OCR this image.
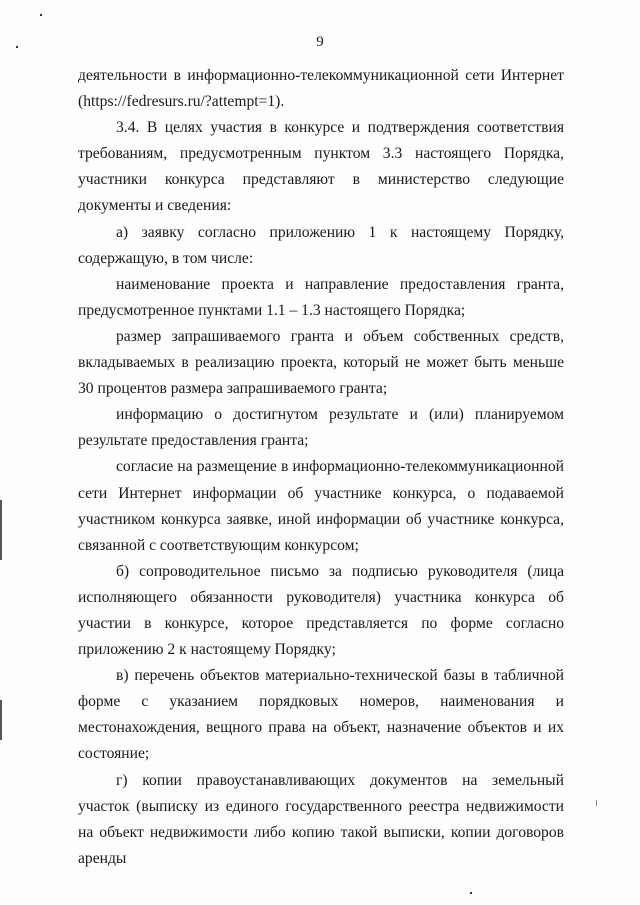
9

деятельности в информационно-телекоммуникационной сети Интернет (https://fedresurs.ru/?attempt=1).

3.4. В целях участия в конкурсе и подтверждения соответствия требованиям, предусмотренным пунктом 3.3 настоящего Порядка, участники конкурса представляют в министерство следующие документы и сведения:

а) заявку согласно приложению 1 к настоящему Порядку, содержащую, в том числе:

наименование проекта и направление предоставления гранта, предусмотренное пунктами 1.1 – 1.3 настоящего Порядка;

размер запрашиваемого гранта и объем собственных средств, вкладываемых в реализацию проекта, который не может быть меньше 30 процентов размера запрашиваемого гранта;

информацию о достигнутом результате и (или) планируемом результате предоставления гранта;

согласие на размещение в информационно-телекоммуникационной сети Интернет информации об участнике конкурса, о подаваемой участником конкурса заявке, иной информации об участнике конкурса, связанной с соответствующим конкурсом;

б) сопроводительное письмо за подписью руководителя (лица исполняющего обязанности руководителя) участника конкурса об участии в конкурсе, которое представляется по форме согласно приложению 2 к настоящему Порядку;

в) перечень объектов материально-технической базы в табличной форме с указанием порядковых номеров, наименования и местонахождения, вещного права на объект, назначение объектов и их состояние;

г) копии правоустанавливающих документов на земельный участок (выписку из единого государственного реестра недвижимости на объект недвижимости либо копию такой выписки, копии договоров аренды
